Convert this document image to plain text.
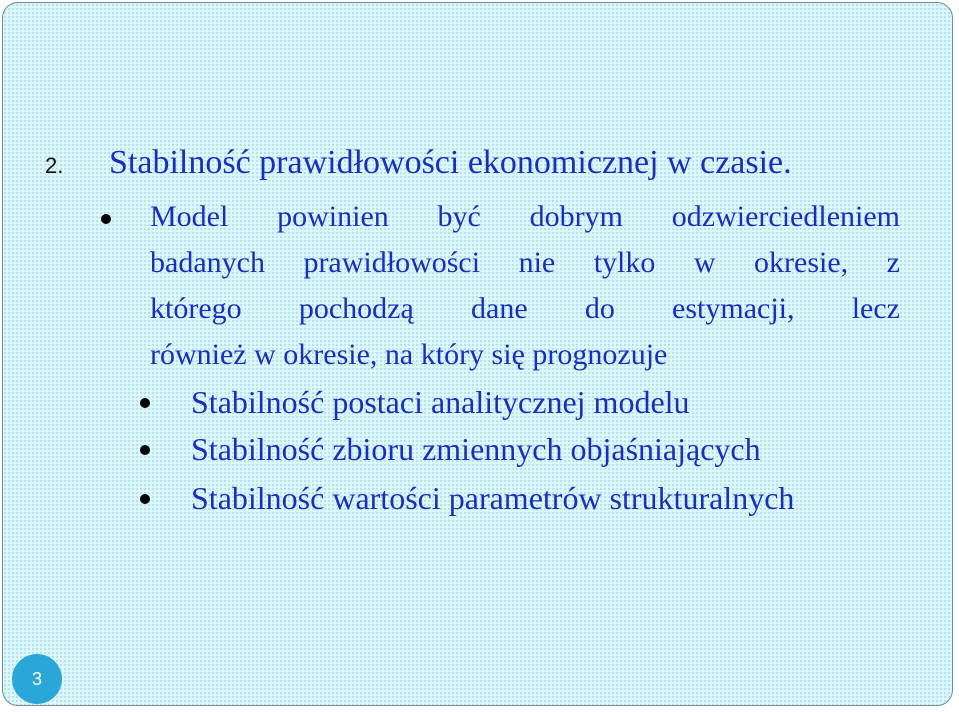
2. Stabilność prawidłowości ekonomicznej w czasie.

Model powinien być dobrym odzwierciedleniem
badanych prawidłowości nie tylko w okresie, z
którego pochodzą dane do estymacji, lecz
również w okresie, na który się prognozuje

Stabilność postaci analitycznej modelu

Stabilność zbioru zmiennych objaśniających

Stabilność wartości parametrów strukturalnych

3
